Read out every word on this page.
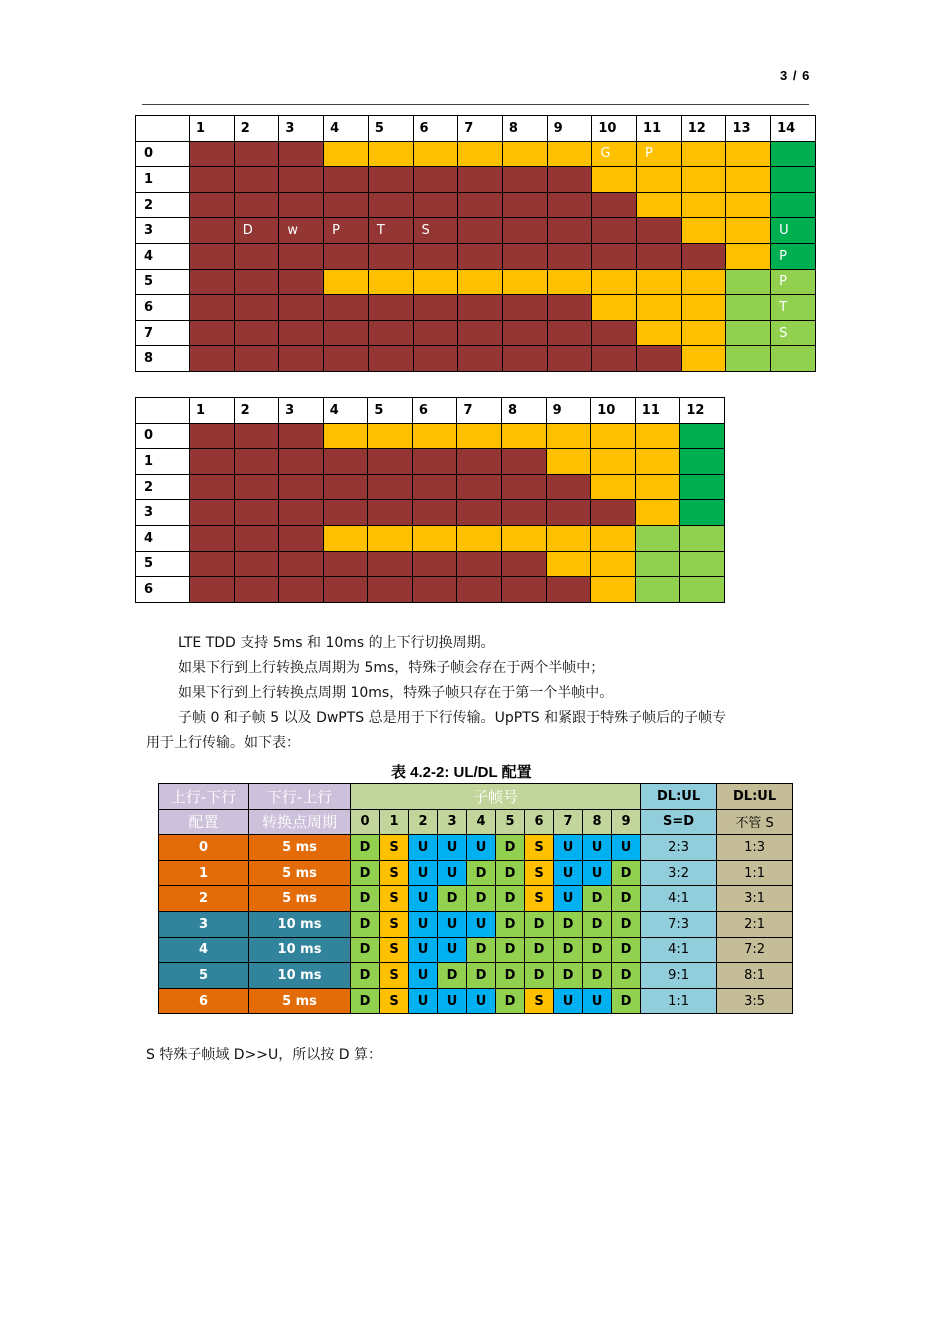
3 / 6
	1	2	3	4	5	6	7	8	9	10	11	12	13	14
0										G	P			
1														
2														
3		D	w	P	T	S								U
4														P
5														P
6														T
7														S
8														
	1	2	3	4	5	6	7	8	9	10	11	12
0												
1												
2												
3												
4												
5												
6												
LTE TDD 支持 5ms 和 10ms 的上下行切换周期。
如果下行到上行转换点周期为 5ms，特殊子帧会存在于两个半帧中；
如果下行到上行转换点周期 10ms，特殊子帧只存在于第一个半帧中。
子帧 0 和子帧 5 以及 DwPTS 总是用于下行传输。UpPTS 和紧跟于特殊子帧后的子帧专
用于上行传输。如下表：
表 4.2-2: UL/DL 配置
上行-下行	下行-上行	子帧号										DL:UL	DL:UL
配置	转换点周期	0	1	2	3	4	5	6	7	8	9	S=D	不管 S
0	5 ms	D	S	U	U	U	D	S	U	U	U	2:3	1:3
1	5 ms	D	S	U	U	D	D	S	U	U	D	3:2	1:1
2	5 ms	D	S	U	D	D	D	S	U	D	D	4:1	3:1
3	10 ms	D	S	U	U	U	D	D	D	D	D	7:3	2:1
4	10 ms	D	S	U	U	D	D	D	D	D	D	4:1	7:2
5	10 ms	D	S	U	D	D	D	D	D	D	D	9:1	8:1
6	5 ms	D	S	U	U	U	D	S	U	U	D	1:1	3:5
S 特殊子帧域 D>>U，所以按 D 算：
